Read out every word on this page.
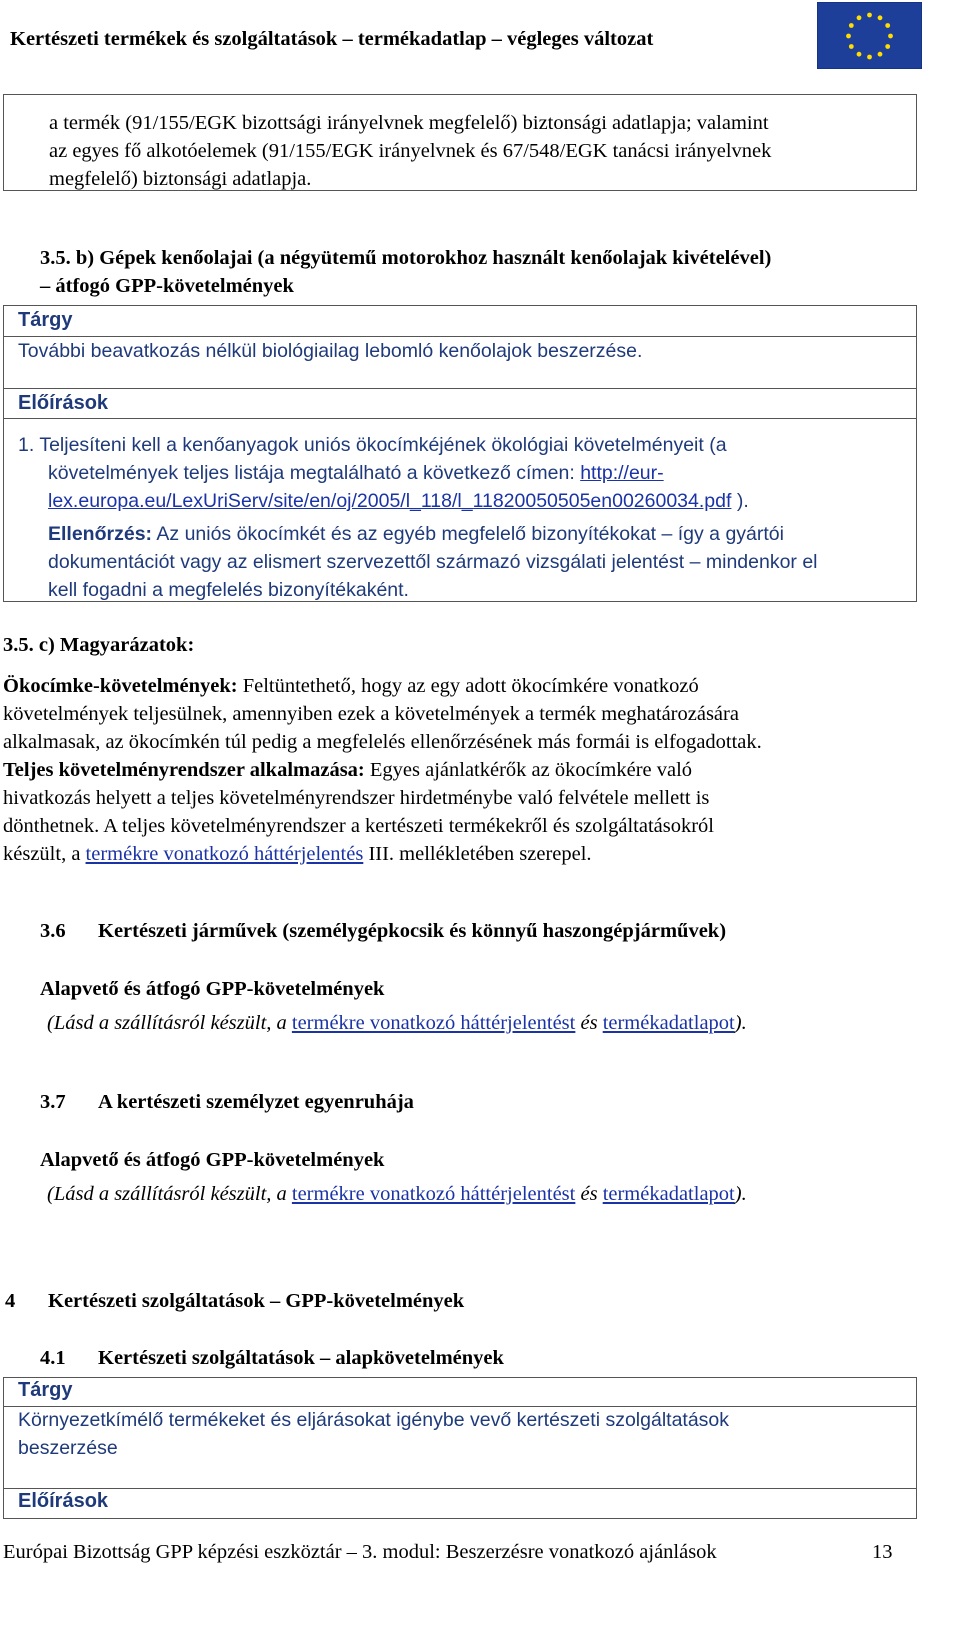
Kertészeti termékek és szolgáltatások – termékadatlap – végleges változat
a termék (91/155/EGK bizottsági irányelvnek megfelelő) biztonsági adatlapja; valamint
az egyes fő alkotóelemek (91/155/EGK irányelvnek és 67/548/EGK tanácsi irányelvnek
megfelelő) biztonsági adatlapja.
3.5. b) Gépek kenőolajai (a négyütemű motorokhoz használt kenőolajak kivételével)
– átfogó GPP-követelmények
Tárgy
További beavatkozás nélkül biológiailag lebomló kenőolajok beszerzése.
Előírások
1. Teljesíteni kell a kenőanyagok uniós ökocímkéjének ökológiai követelményeit (a
követelmények teljes listája megtalálható a következő címen: http://eur-
lex.europa.eu/LexUriServ/site/en/oj/2005/l_118/l_11820050505en00260034.pdf ).
Ellenőrzés: Az uniós ökocímkét és az egyéb megfelelő bizonyítékokat – így a gyártói
dokumentációt vagy az elismert szervezettől származó vizsgálati jelentést – mindenkor el
kell fogadni a megfelelés bizonyítékaként.
3.5. c) Magyarázatok:
Ökocímke-követelmények: Feltüntethető, hogy az egy adott ökocímkére vonatkozó
követelmények teljesülnek, amennyiben ezek a követelmények a termék meghatározására
alkalmasak, az ökocímkén túl pedig a megfelelés ellenőrzésének más formái is elfogadottak.
Teljes követelményrendszer alkalmazása: Egyes ajánlatkérők az ökocímkére való
hivatkozás helyett a teljes követelményrendszer hirdetménybe való felvétele mellett is
dönthetnek. A teljes követelményrendszer a kertészeti termékekről és szolgáltatásokról
készült, a termékre vonatkozó háttérjelentés III. mellékletében szerepel.
3.6 Kertészeti járművek (személygépkocsik és könnyű haszongépjárművek)
Alapvető és átfogó GPP-követelmények
(Lásd a szállításról készült, a termékre vonatkozó háttérjelentést és termékadatlapot).
3.7 A kertészeti személyzet egyenruhája
Alapvető és átfogó GPP-követelmények
(Lásd a szállításról készült, a termékre vonatkozó háttérjelentést és termékadatlapot).
4 Kertészeti szolgáltatások – GPP-követelmények
4.1 Kertészeti szolgáltatások – alapkövetelmények
Tárgy
Környezetkímélő termékeket és eljárásokat igénybe vevő kertészeti szolgáltatások
beszerzése
Előírások
Európai Bizottság GPP képzési eszköztár – 3. modul: Beszerzésre vonatkozó ajánlások	13
